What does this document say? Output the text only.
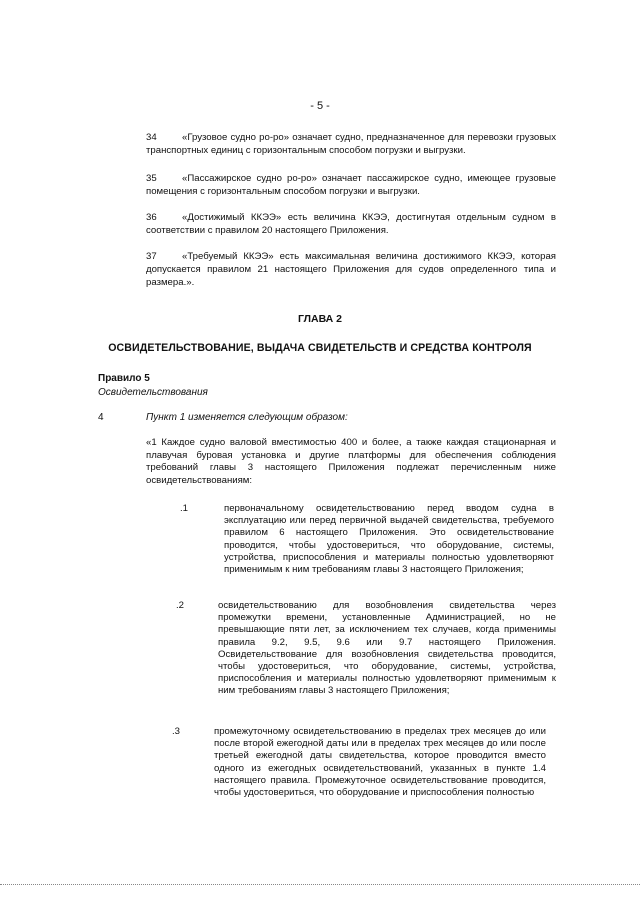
- 5 -
34	«Грузовое судно ро-ро» означает судно, предназначенное для перевозки грузовых транспортных единиц с горизонтальным способом погрузки и выгрузки.
35	«Пассажирское судно ро-ро» означает пассажирское судно, имеющее грузовые помещения с горизонтальным способом погрузки и выгрузки.
36	«Достижимый ККЭЭ» есть величина ККЭЭ, достигнутая отдельным судном в соответствии с правилом 20 настоящего Приложения.
37	«Требуемый ККЭЭ» есть максимальная величина достижимого ККЭЭ, которая допускается правилом 21 настоящего Приложения для судов определенного типа и размера.».
ГЛАВА 2
ОСВИДЕТЕЛЬСТВОВАНИЕ, ВЫДАЧА СВИДЕТЕЛЬСТВ И СРЕДСТВА КОНТРОЛЯ
Правило 5
Освидетельствования
4	Пункт 1 изменяется следующим образом:
«1 Каждое судно валовой вместимостью 400 и более, а также каждая стационарная и плавучая буровая установка и другие платформы для обеспечения соблюдения требований главы 3 настоящего Приложения подлежат перечисленным ниже освидетельствованиям:
.1	первоначальному освидетельствованию перед вводом судна в эксплуатацию или перед первичной выдачей свидетельства, требуемого правилом 6 настоящего Приложения. Это освидетельствование проводится, чтобы удостовериться, что оборудование, системы, устройства, приспособления и материалы полностью удовлетворяют применимым к ним требованиям главы 3 настоящего Приложения;
.2	освидетельствованию для возобновления свидетельства через промежутки времени, установленные Администрацией, но не превышающие пяти лет, за исключением тех случаев, когда применимы правила 9.2, 9.5, 9.6 или 9.7 настоящего Приложения. Освидетельствование для возобновления свидетельства проводится, чтобы удостовериться, что оборудование, системы, устройства, приспособления и материалы полностью удовлетворяют применимым к ним требованиям главы 3 настоящего Приложения;
.3	промежуточному освидетельствованию в пределах трех месяцев до или после второй ежегодной даты или в пределах трех месяцев до или после третьей ежегодной даты свидетельства, которое проводится вместо одного из ежегодных освидетельствований, указанных в пункте 1.4 настоящего правила. Промежуточное освидетельствование проводится, чтобы удостовериться, что оборудование и приспособления полностью
